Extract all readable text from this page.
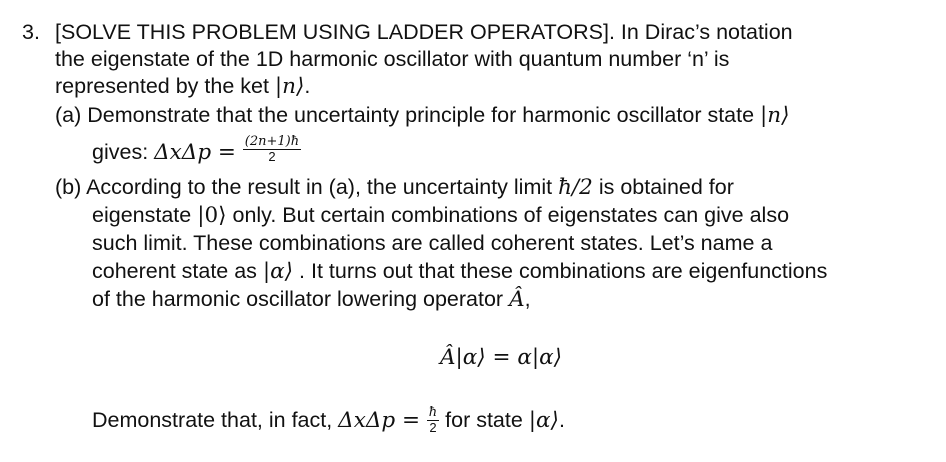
3. [SOLVE THIS PROBLEM USING LADDER OPERATORS]. In Dirac’s notation
the eigenstate of the 1D harmonic oscillator with quantum number ‘n’ is
represented by the ket |n⟩.
(a) Demonstrate that the uncertainty principle for harmonic oscillator state |n⟩
gives: $\Delta x\Delta p = \frac{(2n+1)ħ}{2}$
(b) According to the result in (a), the uncertainty limit ħ/2 is obtained for
eigenstate |0⟩ only. But certain combinations of eigenstates can give also
such limit. These combinations are called coherent states. Let’s name a
coherent state as |α⟩ . It turns out that these combinations are eigenfunctions
of the harmonic oscillator lowering operator Â,
Â|α⟩ = α|α⟩
Demonstrate that, in fact, $\Delta x\Delta p = \frac{ħ}{2}$ for state |α⟩.
